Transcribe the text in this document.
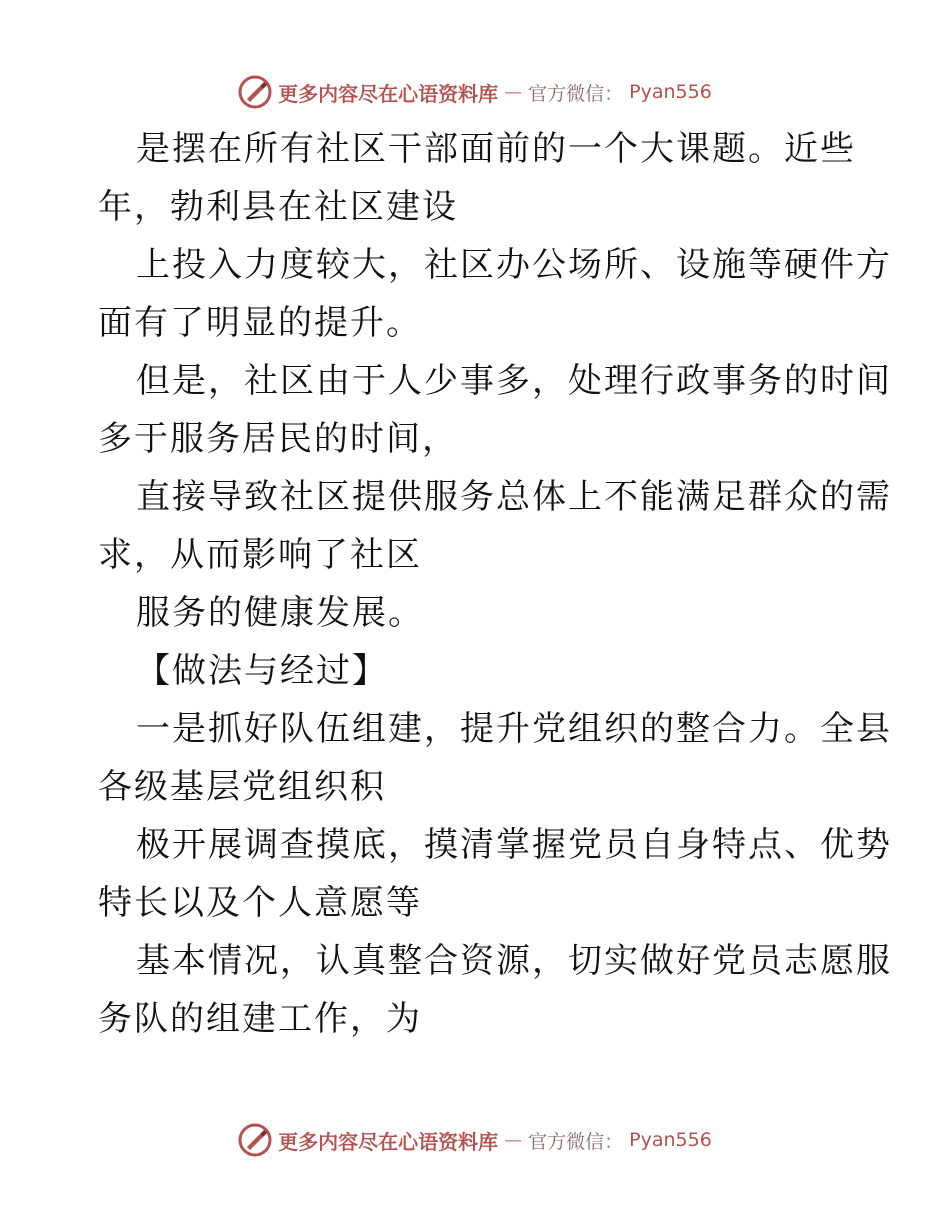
更多内容尽在心语资料库 — 官方微信： Pyan556
是摆在所有社区干部面前的一个大课题。近些
年，勃利县在社区建设
上投入力度较大，社区办公场所、设施等硬件方
面有了明显的提升。
但是，社区由于人少事多，处理行政事务的时间
多于服务居民的时间，
直接导致社区提供服务总体上不能满足群众的需
求，从而影响了社区
服务的健康发展。
【做法与经过】
一是抓好队伍组建，提升党组织的整合力。全县
各级基层党组织积
极开展调查摸底，摸清掌握党员自身特点、优势
特长以及个人意愿等
基本情况，认真整合资源，切实做好党员志愿服
务队的组建工作，为
更多内容尽在心语资料库 — 官方微信： Pyan556
